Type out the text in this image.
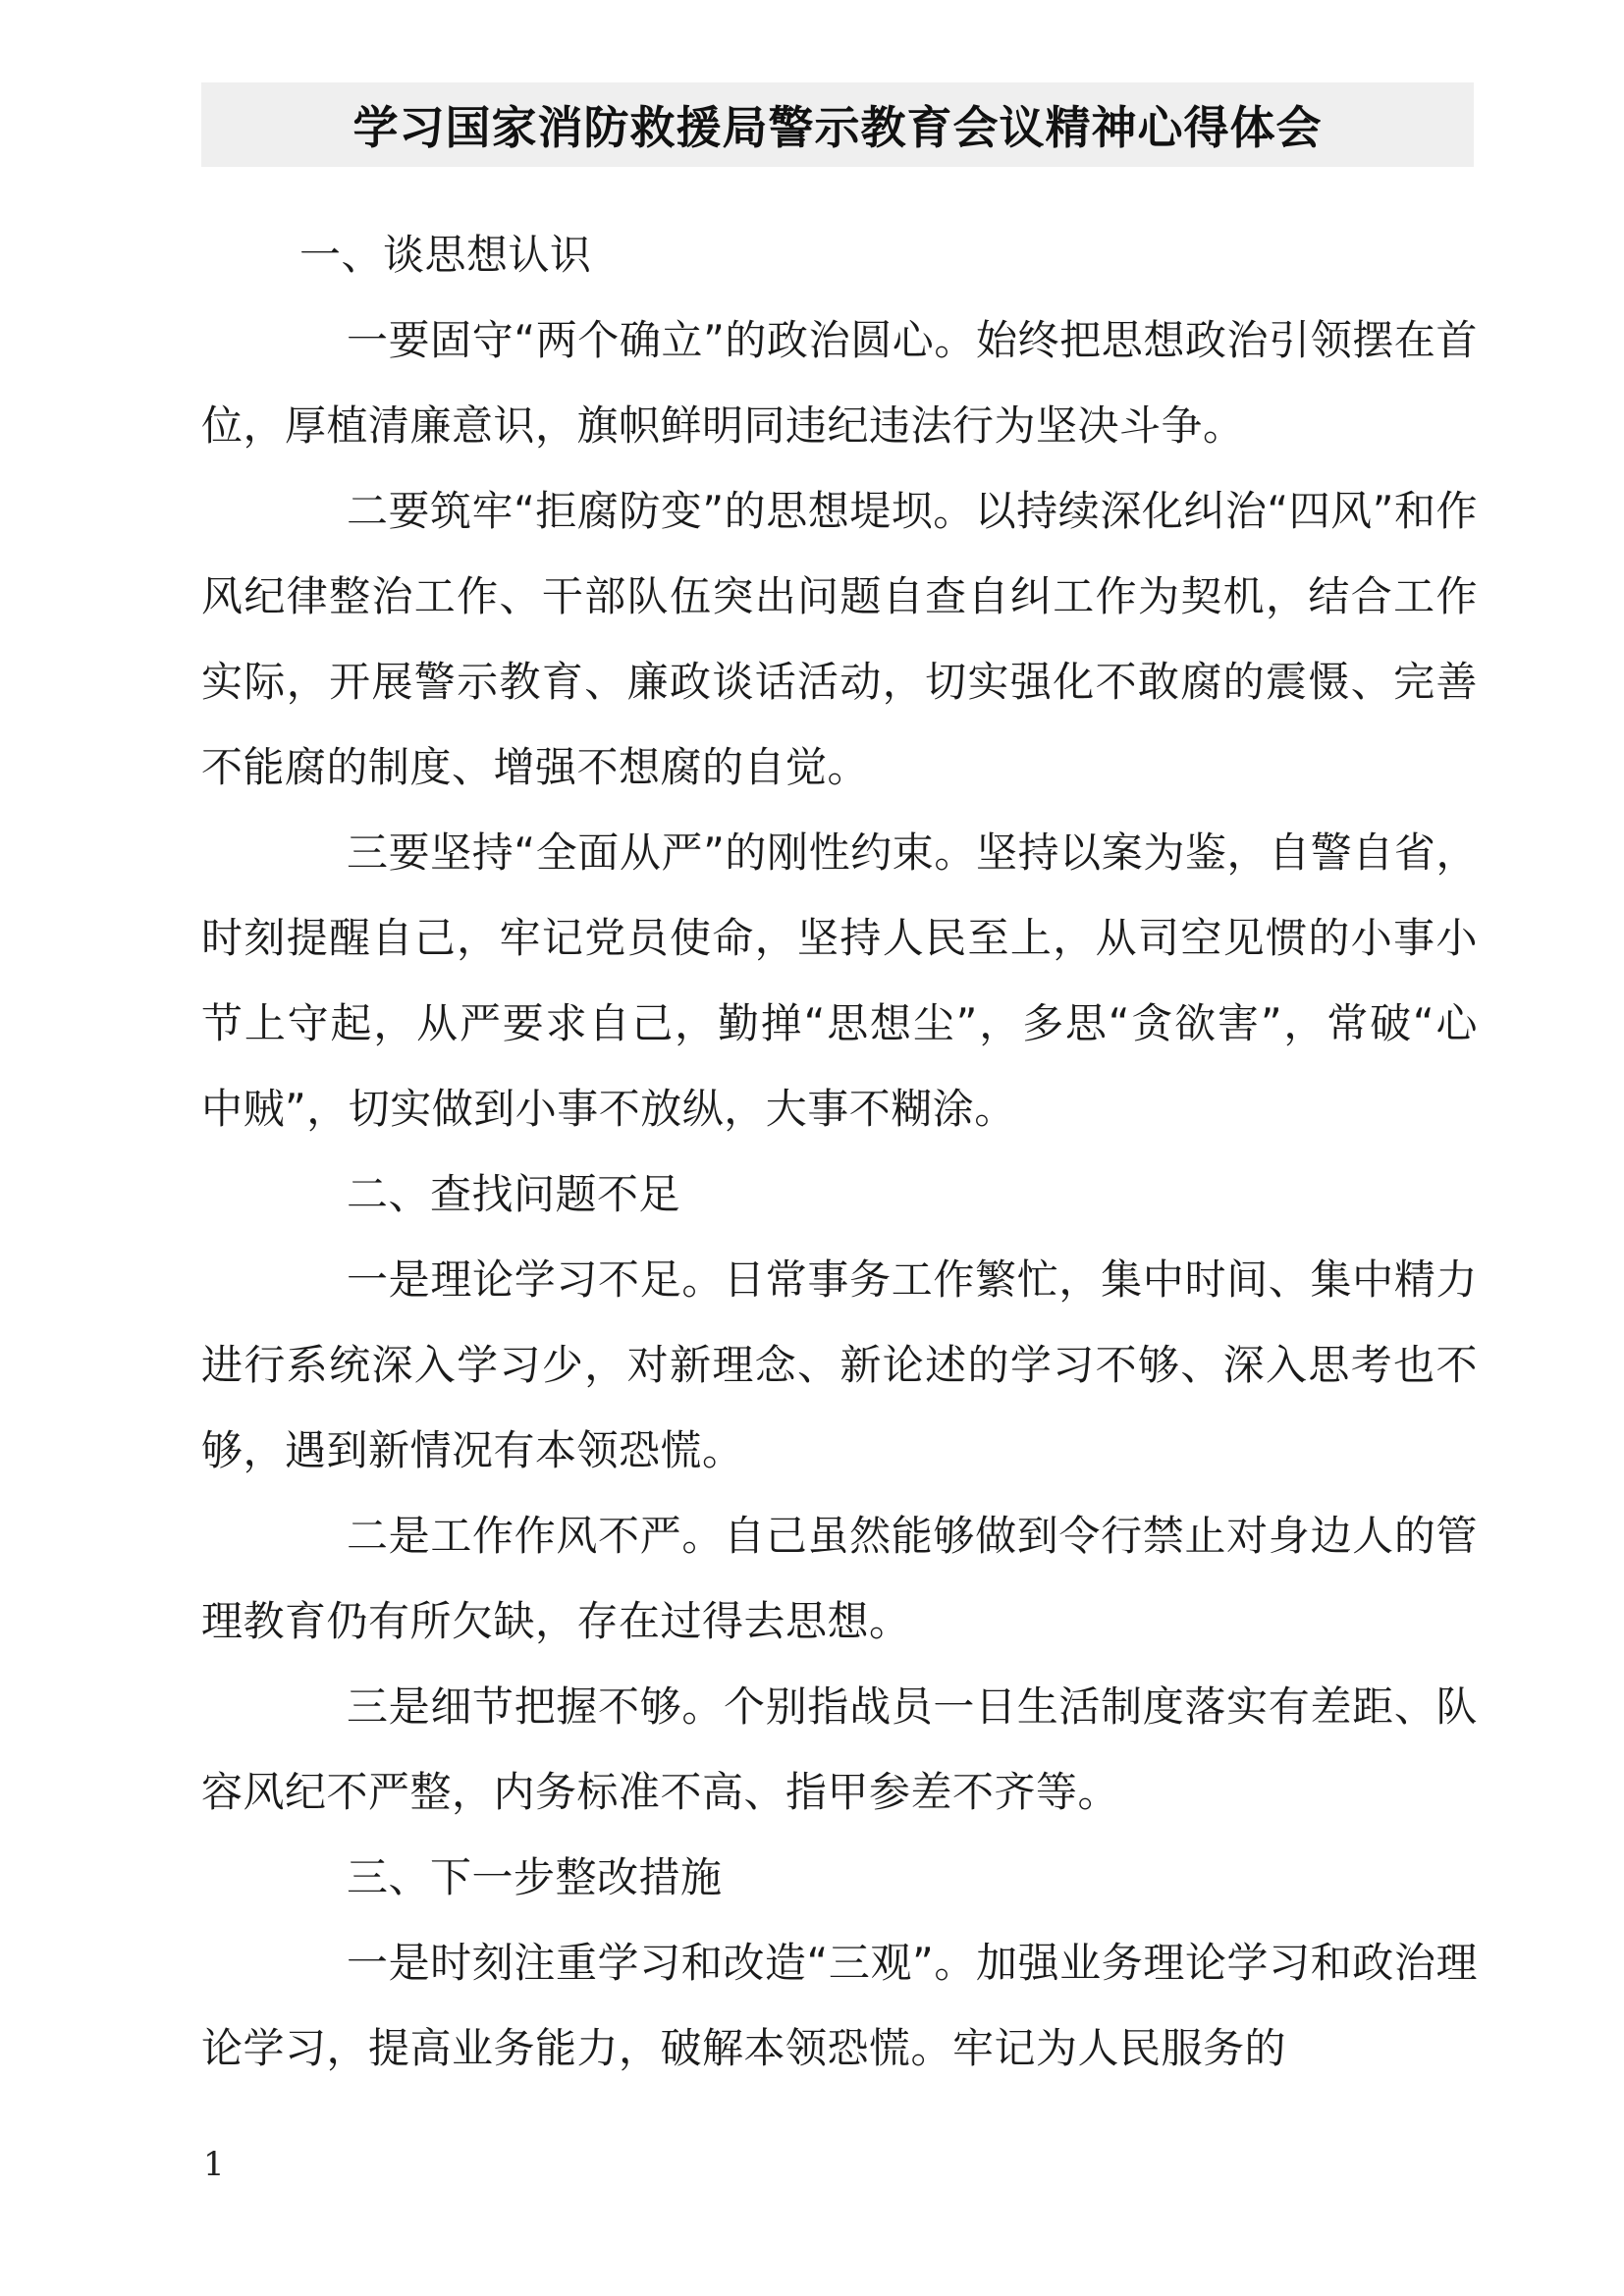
学习国家消防救援局警示教育会议精神心得体会

一、谈思想认识

一要固守“两个确立”的政治圆心。始终把思想政治引领摆在首位，厚植清廉意识，旗帜鲜明同违纪违法行为坚决斗争。

二要筑牢“拒腐防变”的思想堤坝。以持续深化纠治“四风”和作风纪律整治工作、干部队伍突出问题自查自纠工作为契机，结合工作实际，开展警示教育、廉政谈话活动，切实强化不敢腐的震慑、完善不能腐的制度、增强不想腐的自觉。

三要坚持“全面从严”的刚性约束。坚持以案为鉴，自警自省，时刻提醒自己，牢记党员使命，坚持人民至上，从司空见惯的小事小节上守起，从严要求自己，勤掸“思想尘”，多思“贪欲害”，常破“心中贼”，切实做到小事不放纵，大事不糊涂。

二、查找问题不足

一是理论学习不足。日常事务工作繁忙，集中时间、集中精力进行系统深入学习少，对新理念、新论述的学习不够、深入思考也不够，遇到新情况有本领恐慌。

二是工作作风不严。自己虽然能够做到令行禁止对身边人的管理教育仍有所欠缺，存在过得去思想。

三是细节把握不够。个别指战员一日生活制度落实有差距、队容风纪不严整，内务标准不高、指甲参差不齐等。

三、下一步整改措施

一是时刻注重学习和改造“三观”。加强业务理论学习和政治理论学习，提高业务能力，破解本领恐慌。牢记为人民服务的

1
